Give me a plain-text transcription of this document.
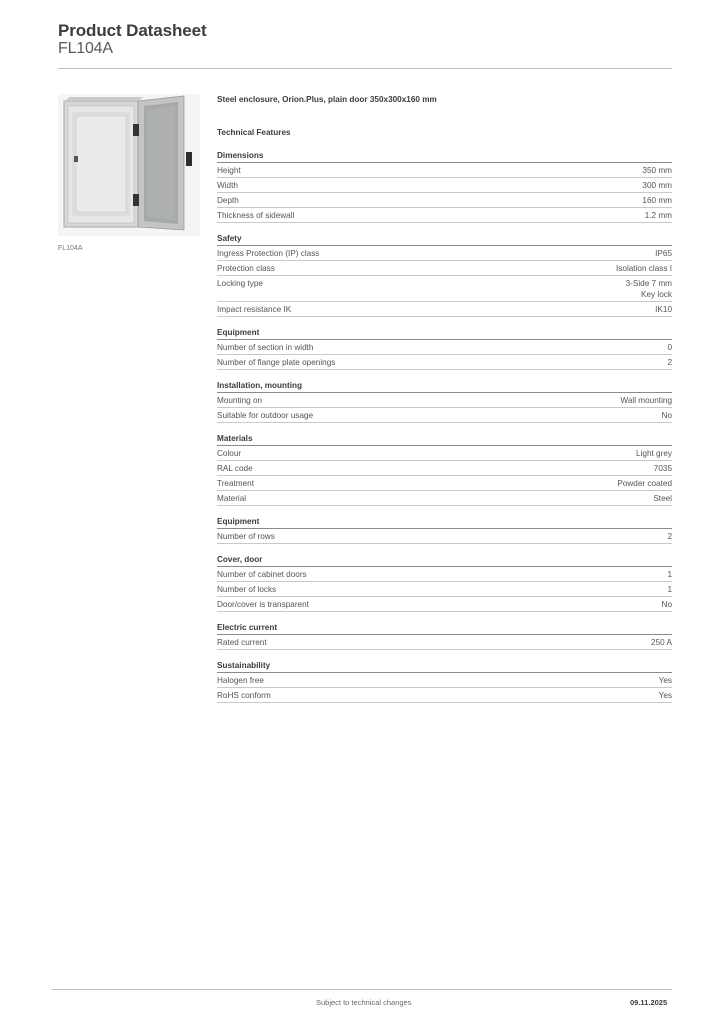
Product Datasheet
FL104A
FL104A
Steel enclosure, Orion.Plus, plain door 350x300x160 mm
Technical Features
Dimensions
Height	350 mm
Width	300 mm
Depth	160 mm
Thickness of sidewall	1.2 mm
Safety
Ingress Protection (IP) class	IP65
Protection class	Isolation class I
Locking type	3-Side 7 mm
Key lock
Impact resistance IK	IK10
Equipment
Number of section in width	0
Number of flange plate openings	2
Installation, mounting
Mounting on	Wall mounting
Suitable for outdoor usage	No
Materials
Colour	Light grey
RAL code	7035
Treatment	Powder coated
Material	Steel
Equipment
Number of rows	2
Cover, door
Number of cabinet doors	1
Number of locks	1
Door/cover is transparent	No
Electric current
Rated current	250 A
Sustainability
Halogen free	Yes
RoHS conform	Yes
Subject to technical changes	09.11.2025
